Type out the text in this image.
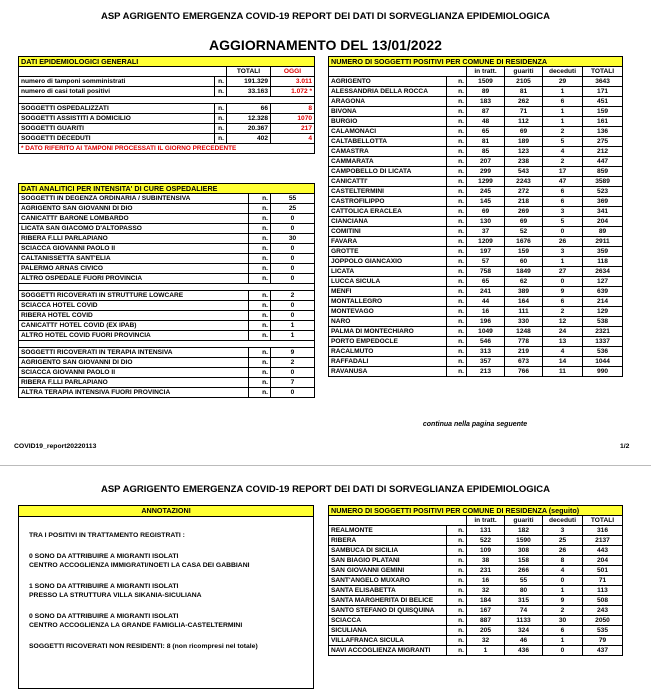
ASP AGRIGENTO EMERGENZA COVID-19 REPORT DEI DATI DI SORVEGLIANZA EPIDEMIOLOGICA
AGGIORNAMENTO DEL 13/01/2022
DATI EPIDEMIOLOGICI GENERALI			
		TOTALI	OGGI
numero di tamponi somministrati	n.	191.329	3.011
numero di casi totali positivi	n.	33.163	1.072 *

SOGGETTI OSPEDALIZZATI	n.	66	8
SOGGETTI ASSISTITI A DOMICILIO	n.	12.328	1070
SOGGETTI GUARITI	n.	20.367	217
SOGGETTI DECEDUTI	n.	402	4
* DATO RIFERITO AI TAMPONI PROCESSATI IL GIORNO PRECEDENTE			
DATI ANALITICI PER INTENSITA' DI CURE OSPEDALIERE		
SOGGETTI IN DEGENZA ORDINARIA / SUBINTENSIVA	n.	55
AGRIGENTO SAN GIOVANNI DI DIO	n.	25
CANICATTI' BARONE LOMBARDO	n.	0
LICATA SAN GIACOMO D'ALTOPASSO	n.	0
RIBERA F.LLI PARLAPIANO	n.	30
SCIACCA GIOVANNI PAOLO II	n.	0
CALTANISSETTA SANT'ELIA	n.	0
PALERMO ARNAS CIVICO	n.	0
ALTRO OSPEDALE FUORI PROVINCIA	n.	0

SOGGETTI RICOVERATI IN STRUTTURE LOWCARE	n.	2
SCIACCA HOTEL COVID	n.	0
RIBERA HOTEL COVID	n.	0
CANICATTI' HOTEL COVID (EX IPAB)	n.	1
ALTRO HOTEL COVID FUORI PROVINCIA	n.	1

SOGGETTI RICOVERATI IN TERAPIA INTENSIVA	n.	9
AGRIGENTO SAN GIOVANNI DI DIO	n.	2
SCIACCA GIOVANNI PAOLO II	n.	0
RIBERA F.LLI PARLAPIANO	n.	7
ALTRA TERAPIA INTENSIVA FUORI PROVINCIA	n.	0
NUMERO DI SOGGETTI POSITIVI PER COMUNE DI RESIDENZA					
		in tratt.	guariti	deceduti	TOTALI
AGRIGENTO	n.	1509	2105	29	3643
ALESSANDRIA DELLA ROCCA	n.	89	81	1	171
ARAGONA	n.	183	262	6	451
BIVONA	n.	87	71	1	159
BURGIO	n.	48	112	1	161
CALAMONACI	n.	65	69	2	136
CALTABELLOTTA	n.	81	189	5	275
CAMASTRA	n.	85	123	4	212
CAMMARATA	n.	207	238	2	447
CAMPOBELLO DI LICATA	n.	299	543	17	859
CANICATTI'	n.	1299	2243	47	3589
CASTELTERMINI	n.	245	272	6	523
CASTROFILIPPO	n.	145	218	6	369
CATTOLICA ERACLEA	n.	69	269	3	341
CIANCIANA	n.	130	69	5	204
COMITINI	n.	37	52	0	89
FAVARA	n.	1209	1676	26	2911
GROTTE	n.	197	159	3	359
JOPPOLO GIANCAXIO	n.	57	60	1	118
LICATA	n.	758	1849	27	2634
LUCCA SICULA	n.	65	62	0	127
MENFI	n.	241	389	9	639
MONTALLEGRO	n.	44	164	6	214
MONTEVAGO	n.	16	111	2	129
NARO	n.	196	330	12	538
PALMA DI MONTECHIARO	n.	1049	1248	24	2321
PORTO EMPEDOCLE	n.	546	778	13	1337
RACALMUTO	n.	313	219	4	536
RAFFADALI	n.	357	673	14	1044
RAVANUSA	n.	213	766	11	990
continua nella pagina seguente
COVID19_report20220113	1/2
ASP AGRIGENTO EMERGENZA COVID-19 REPORT DEI DATI DI SORVEGLIANZA EPIDEMIOLOGICA
ANNOTAZIONI

TRA I POSITIVI IN TRATTAMENTO REGISTRATI :

0 SONO DA ATTRIBUIRE A MIGRANTI ISOLATI
CENTRO ACCOGLIENZA IMMIGRATI/NOETI LA CASA DEI GABBIANI

1 SONO DA ATTRIBUIRE A MIGRANTI ISOLATI
PRESSO LA STRUTTURA VILLA SIKANIA-SICULIANA

0 SONO DA ATTRIBUIRE A MIGRANTI ISOLATI
CENTRO ACCOGLIENZA LA GRANDE FAMIGLIA-CASTELTERMINI

SOGGETTI RICOVERATI NON RESIDENTI: 8 (non ricompresi nel totale)

NUMERO DI SOGGETTI POSITIVI PER COMUNE DI RESIDENZA (seguito)					
		in tratt.	guariti	deceduti	TOTALI
REALMONTE	n.	131	182	3	316
RIBERA	n.	522	1590	25	2137
SAMBUCA DI SICILIA	n.	109	308	26	443
SAN BIAGIO PLATANI	n.	38	158	8	204
SAN GIOVANNI GEMINI	n.	231	266	4	501
SANT'ANGELO MUXARO	n.	16	55	0	71
SANTA ELISABETTA	n.	32	80	1	113
SANTA MARGHERITA DI BELICE	n.	184	315	9	508
SANTO STEFANO DI QUISQUINA	n.	167	74	2	243
SCIACCA	n.	887	1133	30	2050
SICULIANA	n.	205	324	6	535
VILLAFRANCA SICULA	n.	32	46	1	79
NAVI ACCOGLIENZA MIGRANTI	n.	1	436	0	437
